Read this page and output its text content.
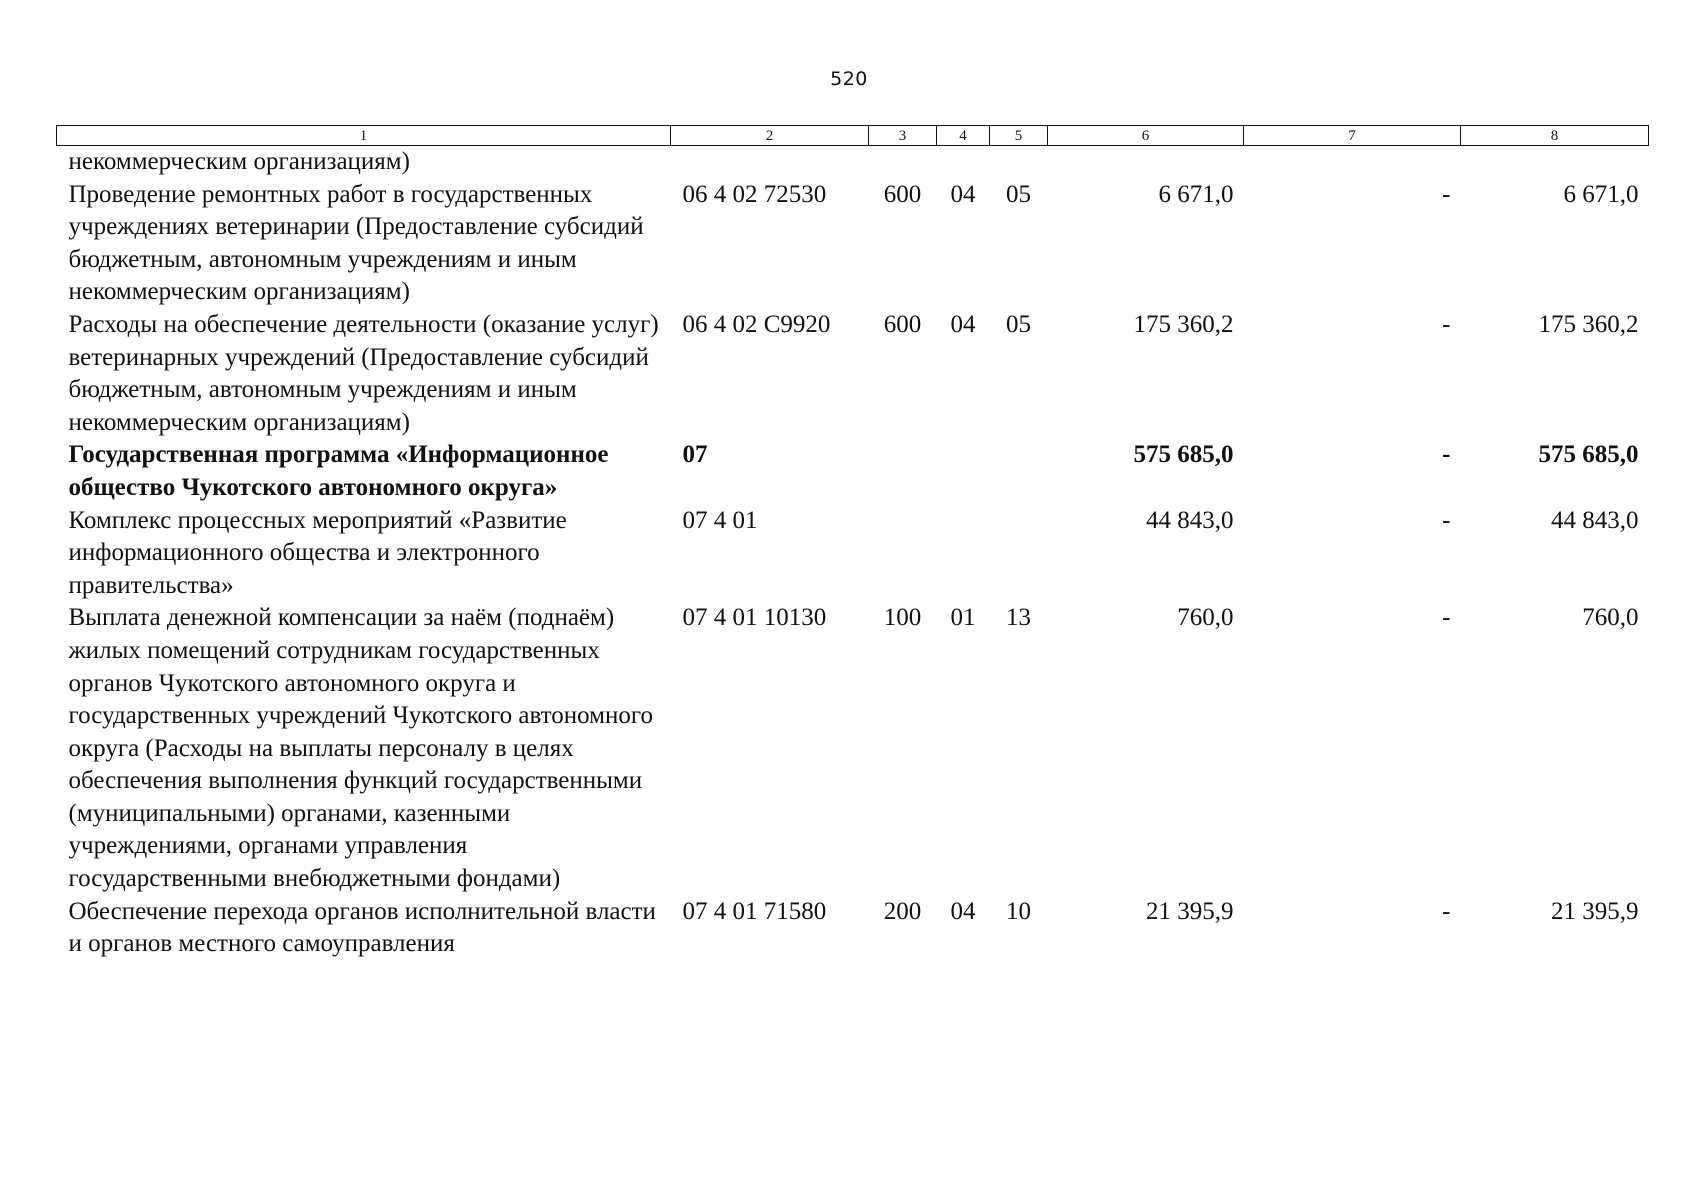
520
1	2	3	4	5	6	7	8
некоммерческим организациям)							
Проведение ремонтных работ в государственных учреждениях ветеринарии (Предоставление субсидий бюджетным, автономным учреждениям и иным некоммерческим организациям)	06 4 02 72530	600	04	05	6 671,0	-	6 671,0
Расходы на обеспечение деятельности (оказание услуг) ветеринарных учреждений (Предоставление субсидий бюджетным, автономным учреждениям и иным некоммерческим организациям)	06 4 02 С9920	600	04	05	175 360,2	-	175 360,2
Государственная программа «Информационное общество Чукотского автономного округа»	07				575 685,0	-	575 685,0
Комплекс процессных мероприятий «Развитие информационного общества и электронного правительства»	07 4 01				44 843,0	-	44 843,0
Выплата денежной компенсации за наём (поднаём) жилых помещений сотрудникам государственных органов Чукотского автономного округа и государственных учреждений Чукотского автономного округа (Расходы на выплаты персоналу в целях обеспечения выполнения функций государственными (муниципальными) органами, казенными учреждениями, органами управления государственными внебюджетными фондами)	07 4 01 10130	100	01	13	760,0	-	760,0
Обеспечение перехода органов исполнительной власти и органов местного самоуправления	07 4 01 71580	200	04	10	21 395,9	-	21 395,9
